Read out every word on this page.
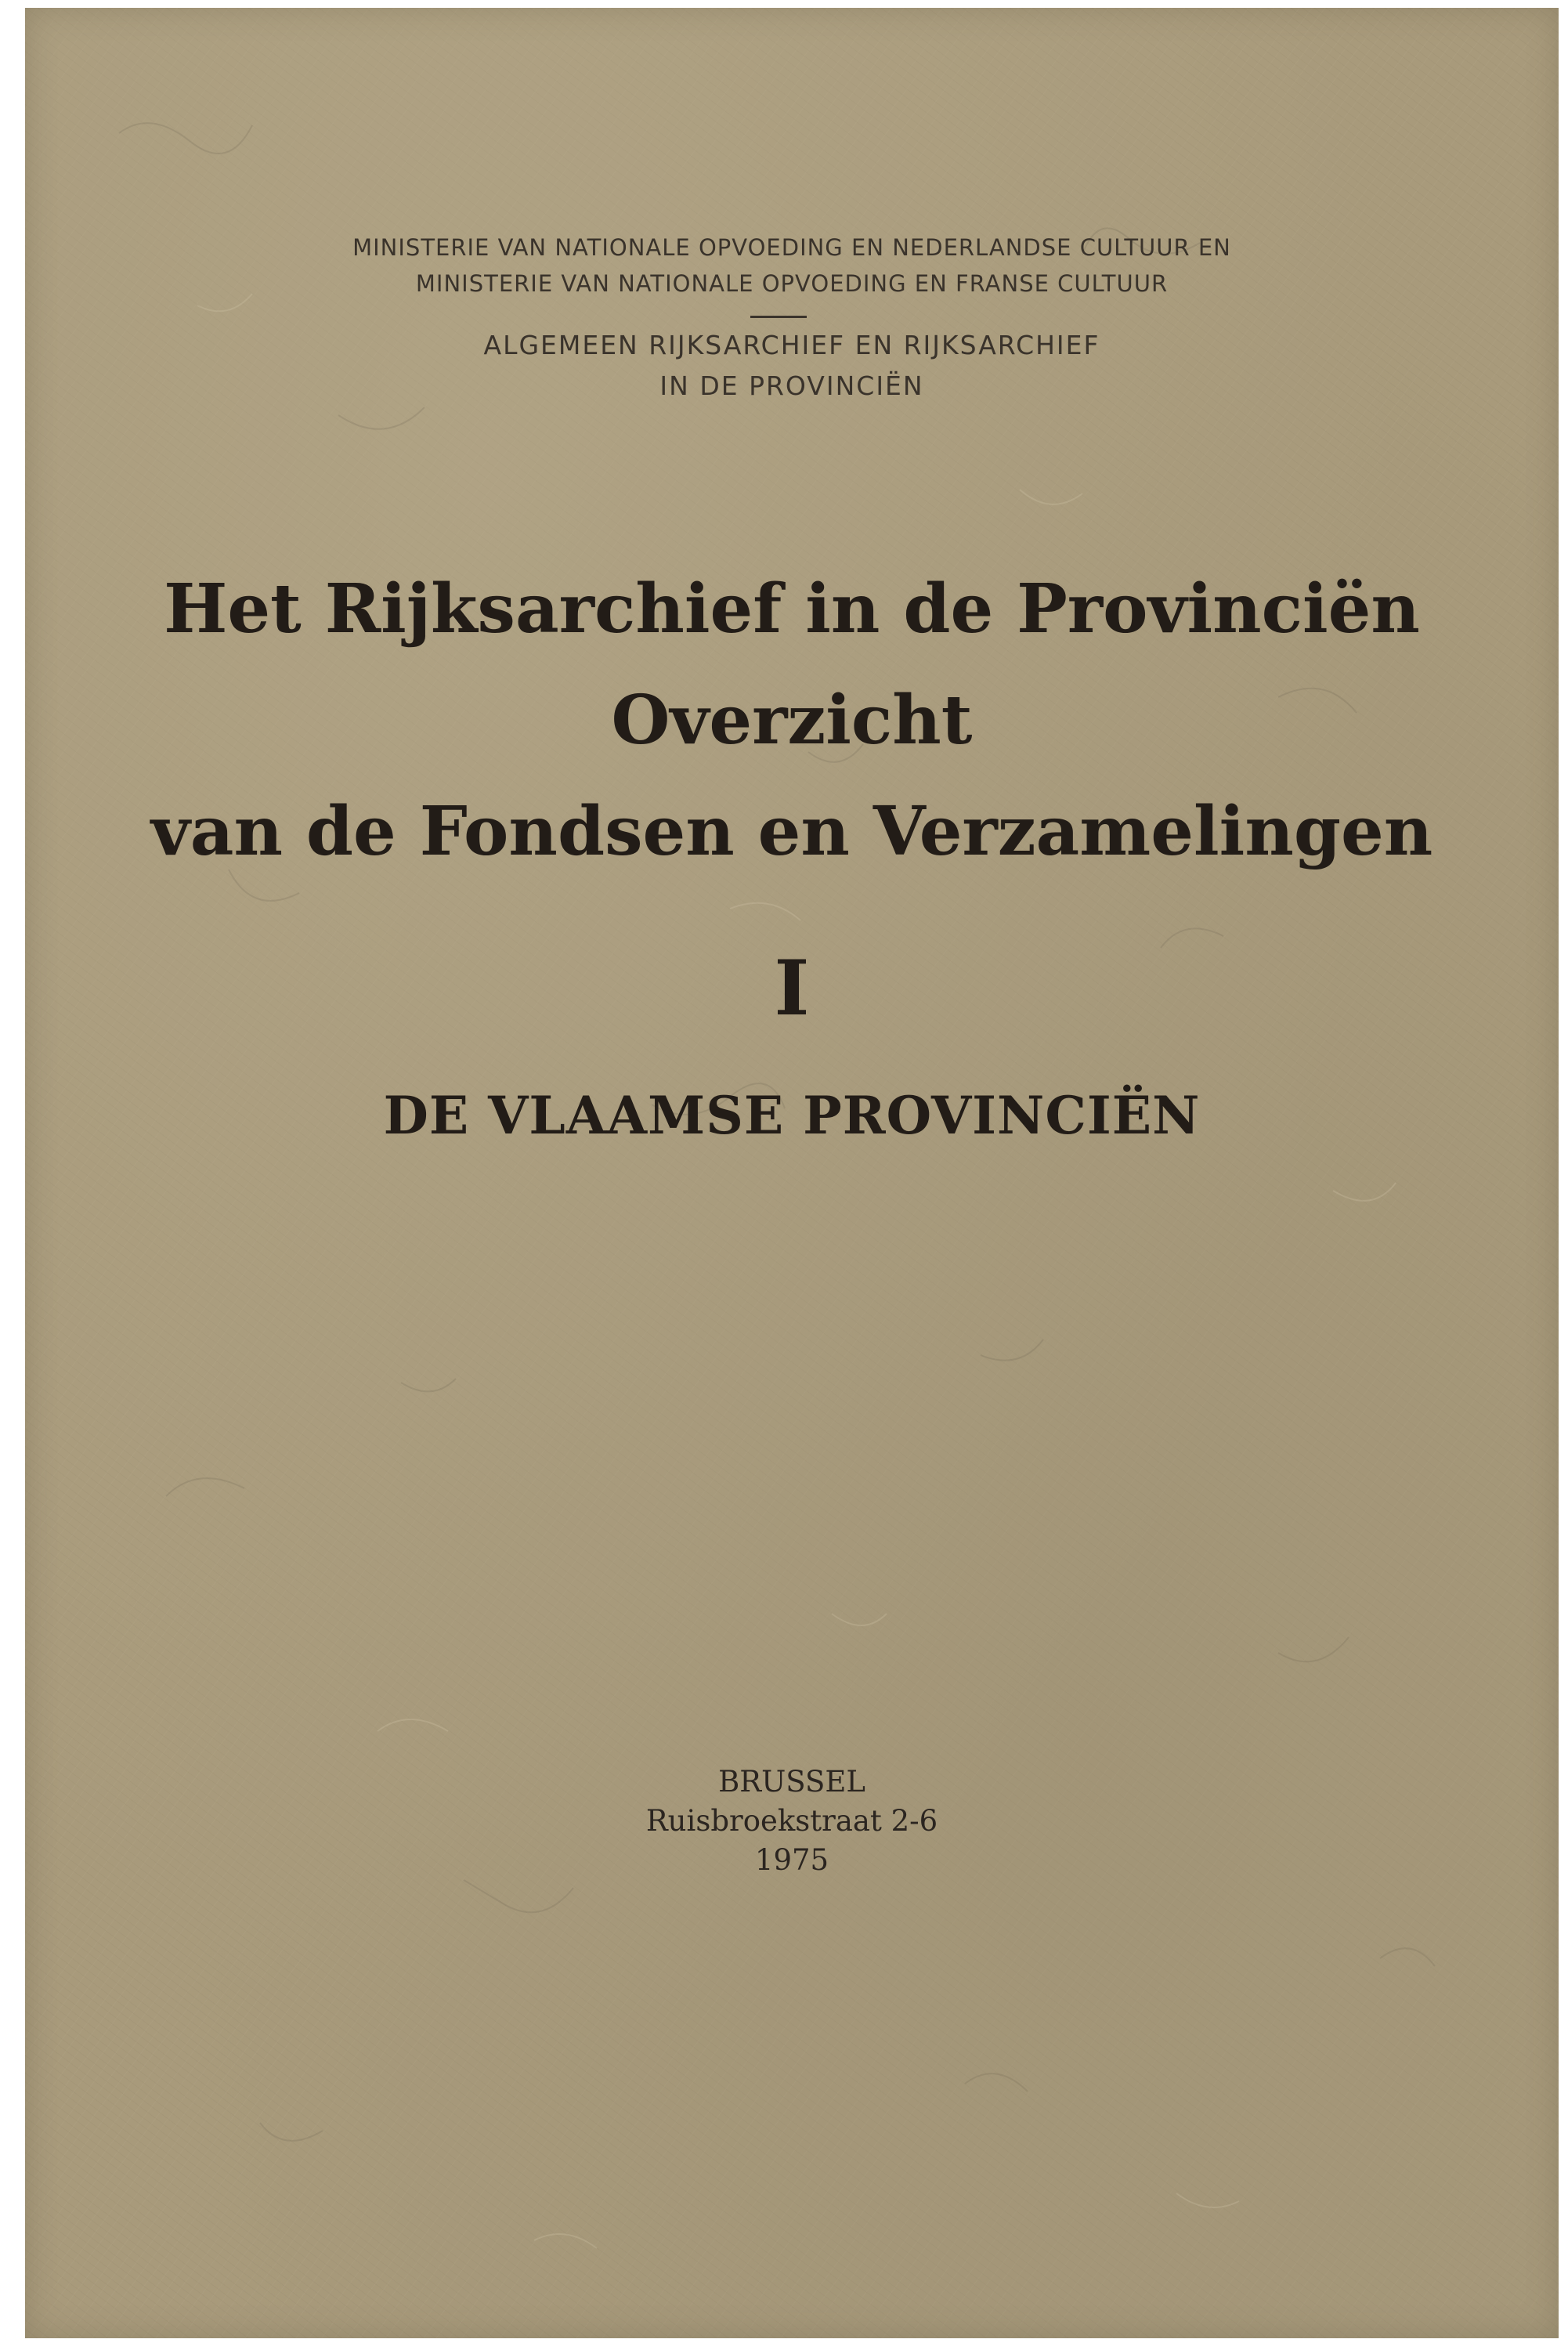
MINISTERIE VAN NATIONALE OPVOEDING EN NEDERLANDSE CULTUUR EN
MINISTERIE VAN NATIONALE OPVOEDING EN FRANSE CULTUUR
ALGEMEEN RIJKSARCHIEF EN RIJKSARCHIEF
IN DE PROVINCIËN
Het Rijksarchief in de Provinciën
Overzicht
van de Fondsen en Verzamelingen
I
DE VLAAMSE PROVINCIËN
BRUSSEL
Ruisbroekstraat 2-6
1975
